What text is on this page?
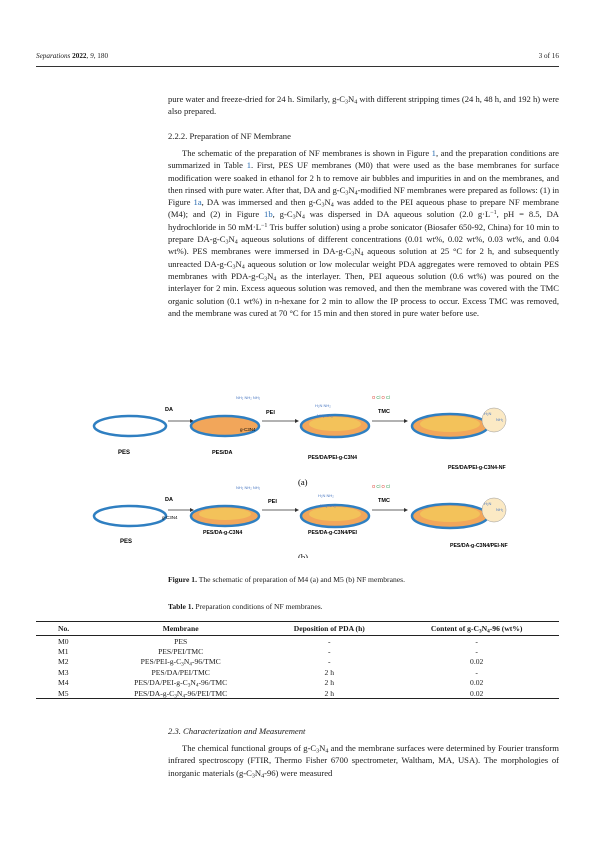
Separations 2022, 9, 180	3 of 16

pure water and freeze-dried for 24 h. Similarly, $g-C_3N_4$ with different stripping times (24 h, 48 h, and 192 h) were also prepared.

2.2.2. Preparation of NF Membrane

The schematic of the preparation of NF membranes is shown in Figure 1, and the preparation conditions are summarized in Table 1. First, PES UF membranes (M0) that were used as the base membranes for surface modification were soaked in ethanol for 2 h to remove air bubbles and impurities in and on the membranes, and then rinsed with pure water. After that, DA and $g-C_3N_4$-modified NF membranes were prepared as follows: (1) in Figure 1a, DA was immersed and then $g-C_3N_4$ was added to the PEI aqueous phase to prepare NF membrane (M4); and (2) in Figure 1b, $g-C_3N_4$ was dispersed in DA aqueous solution (2.0 $g\cdot L^{-1}$, pH = 8.5, DA hydrochloride in 50 $mM\cdot L^{-1}$ Tris buffer solution) using a probe sonicator (Biosafer 650-92, China) for 10 min to prepare $DA-g-C_3N_4$ aqueous solutions of different concentrations (0.01 wt%, 0.02 wt%, 0.03 wt%, and 0.04 wt%). PES membranes were immersed in $DA-g-C_3N_4$ aqueous solution at 25 °C for 2 h, and subsequently unreacted $DA-g-C_3N_4$ aqueous solution or low molecular weight PDA aggregates were removed to obtain PES membranes with PDA-$g-C_3N_4$ as the interlayer. Then, PEI aqueous solution (0.6 wt%) was poured on the interlayer for 2 min. Excess aqueous solution was removed, and then the membrane was covered with the TMC organic solution (0.1 wt%) in n-hexane for 2 min to allow the IP process to occur. Excess TMC was removed, and the membrane was cured at 70 °C for 15 min and then stored in pure water before use.

PES
DA
PES/DA
NH₂ NH₂ NH₂
PEI
g-C3N4
H₂N NH₂
NH₂ NH₂
PES/DA/PEI-g-C3N4
TMC
O Cl O Cl
H₂N
NH₂
PES/DA/PEI-g-C3N4-NF
(a)
PES
DA
g-C3N4
PES/DA-g-C3N4
NH₂ NH₂ NH₂
PEI
H₂N NH₂
NH₂ NH₂
PES/DA-g-C3N4/PEI
TMC
O Cl O Cl
H₂N
NH₂
PES/DA-g-C3N4/PEI-NF
(b)

Figure 1. The schematic of preparation of M4 (a) and M5 (b) NF membranes.

Table 1. Preparation conditions of NF membranes.

No.	Membrane	Deposition of PDA (h)	Content of $g-C_3N_4-96$ (wt%)
M0	PES	-	-
M1	PES/PEI/TMC	-	-
M2	PES/$PEI-g-C_3N_4-96$/TMC	-	0.02
M3	PES/DA/PEI/TMC	2 h	-
M4	PES/$DA/PEI-g-C_3N_4-96$/TMC	2 h	0.02
M5	PES/$DA-g-C_3N_4-96/PEI$/TMC	2 h	0.02

2.3. Characterization and Measurement

The chemical functional groups of $g-C_3N_4$ and the membrane surfaces were determined by Fourier transform infrared spectroscopy (FTIR, Thermo Fisher 6700 spectrometer, Waltham, MA, USA). The morphologies of inorganic materials $(g-C_3N_4-96)$ were measured
